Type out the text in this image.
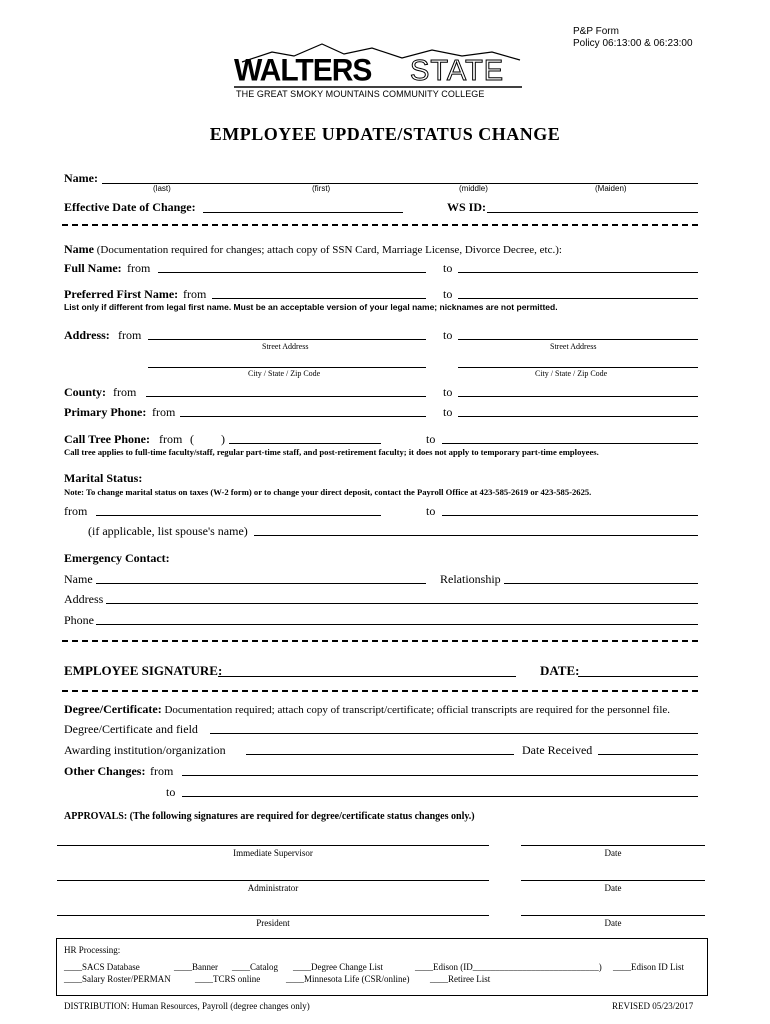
P&P Form
Policy 06:13:00 & 06:23:00
WALTERS STATE
THE GREAT SMOKY MOUNTAINS COMMUNITY COLLEGE
EMPLOYEE UPDATE/STATUS CHANGE
Name:
(last)	(first)	(middle)	(Maiden)
Effective Date of Change:	WS ID:
Name (Documentation required for changes; attach copy of SSN Card, Marriage License, Divorce Decree, etc.):
Full Name: from	to
Preferred First Name: from	to
List only if different from legal first name. Must be an acceptable version of your legal name; nicknames are not permitted.
Address: from	to
Street Address	Street Address
City / State / Zip Code	City / State / Zip Code
County: from	to
Primary Phone: from	to
Call Tree Phone: from (         )	to
Call tree applies to full-time faculty/staff, regular part-time staff, and post-retirement faculty; it does not apply to temporary part-time employees.
Marital Status:
Note: To change marital status on taxes (W-2 form) or to change your direct deposit, contact the Payroll Office at 423-585-2619 or 423-585-2625.
from	to
(if applicable, list spouse's name)
Emergency Contact:
Name	Relationship
Address
Phone
EMPLOYEE SIGNATURE:	DATE:
Degree/Certificate: Documentation required; attach copy of transcript/certificate; official transcripts are required for the personnel file.
Degree/Certificate and field
Awarding institution/organization	Date Received
Other Changes: from
to
APPROVALS: (The following signatures are required for degree/certificate status changes only.)
Immediate Supervisor	Date
Administrator	Date
President	Date
HR Processing:
____SACS Database	____Banner ____Catalog ____Degree Change List	____Edison (ID____________________________) ____Edison ID List
____Salary Roster/PERMAN	____TCRS online	____Minnesota Life (CSR/online) ____Retiree List
DISTRIBUTION: Human Resources, Payroll (degree changes only)	REVISED 05/23/2017
